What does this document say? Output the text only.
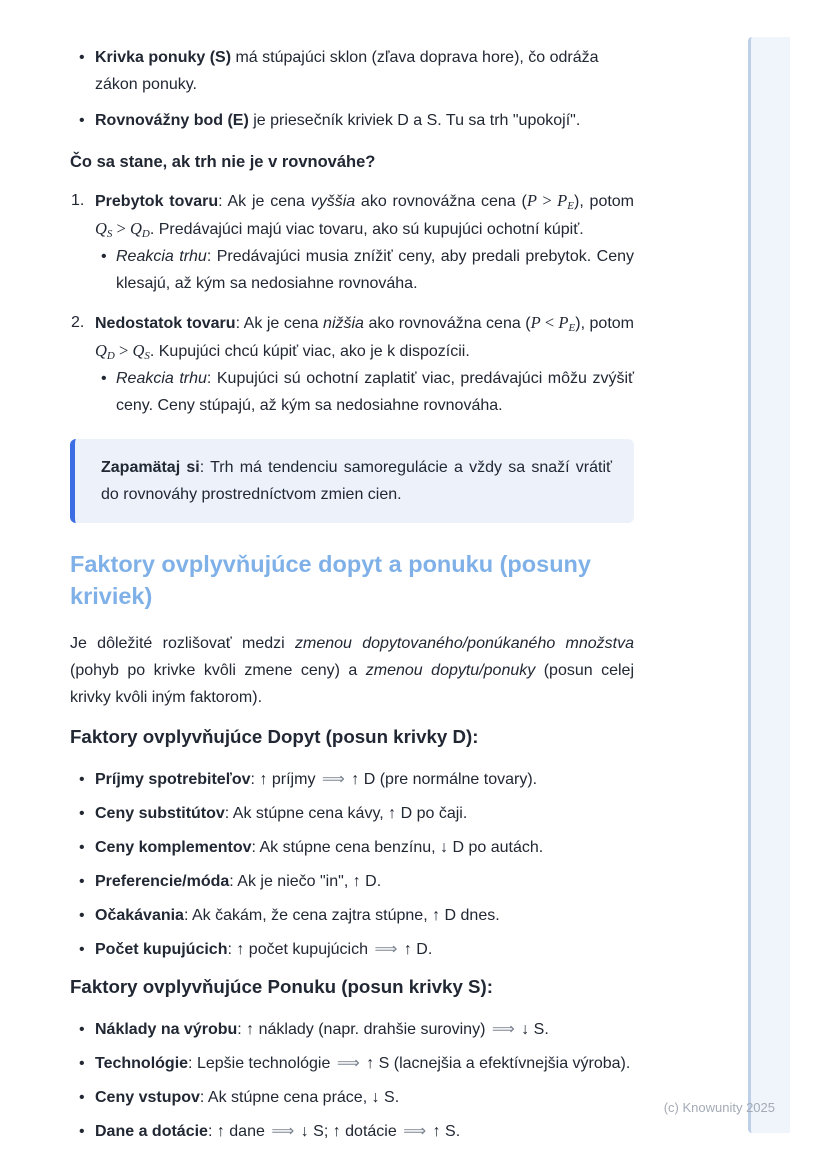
• Krivka ponuky (S) má stúpajúci sklon (zľava doprava hore), čo odráža zákon ponuky.
• Rovnovážny bod (E) je priesečník kriviek D a S. Tu sa trh "upokojí".
Čo sa stane, ak trh nie je v rovnováhe?
Prebytok tovaru: Ak je cena vyššia ako rovnovážna cena $(P > P_E)$, potom $Q_S > Q_D$. Predávajúci majú viac tovaru, ako sú kupujúci ochotní kúpiť.
• Reakcia trhu: Predávajúci musia znížiť ceny, aby predali prebytok. Ceny klesajú, až kým sa nedosiahne rovnováha.
Nedostatok tovaru: Ak je cena nižšia ako rovnovážna cena $(P < P_E)$, potom $Q_D > Q_S$. Kupujúci chcú kúpiť viac, ako je k dispozícii.
• Reakcia trhu: Kupujúci sú ochotní zaplatiť viac, predávajúci môžu zvýšiť ceny. Ceny stúpajú, až kým sa nedosiahne rovnováha.
Zapamätaj si: Trh má tendenciu samoregulácie a vždy sa snaží vrátiť do rovnováhy prostredníctvom zmien cien.
Faktory ovplyvňujúce dopyt a ponuku (posuny kriviek)

Je dôležité rozlišovať medzi zmenou dopytovaného/ponúkaného množstva (pohyb po krivke kvôli zmene ceny) a zmenou dopytu/ponuky (posun celej krivky kvôli iným faktorom).

Faktory ovplyvňujúce Dopyt (posun krivky D):
• Príjmy spotrebiteľov: ↑ príjmy ⟹ ↑ D (pre normálne tovary).
• Ceny substitútov: Ak stúpne cena kávy, ↑ D po čaji.
• Ceny komplementov: Ak stúpne cena benzínu, ↓ D po autách.
• Preferencie/móda: Ak je niečo "in", ↑ D.
• Očakávania: Ak čakám, že cena zajtra stúpne, ↑ D dnes.
• Počet kupujúcich: ↑ počet kupujúcich ⟹ ↑ D.
Faktory ovplyvňujúce Ponuku (posun krivky S):
• Náklady na výrobu: ↑ náklady (napr. drahšie suroviny) ⟹ ↓ S.
• Technológie: Lepšie technológie ⟹ ↑ S (lacnejšia a efektívnejšia výroba).
• Ceny vstupov: Ak stúpne cena práce, ↓ S.
• Dane a dotácie: ↑ dane ⟹ ↓ S; ↑ dotácie ⟹ ↑ S.
(c) Knowunity 2025
